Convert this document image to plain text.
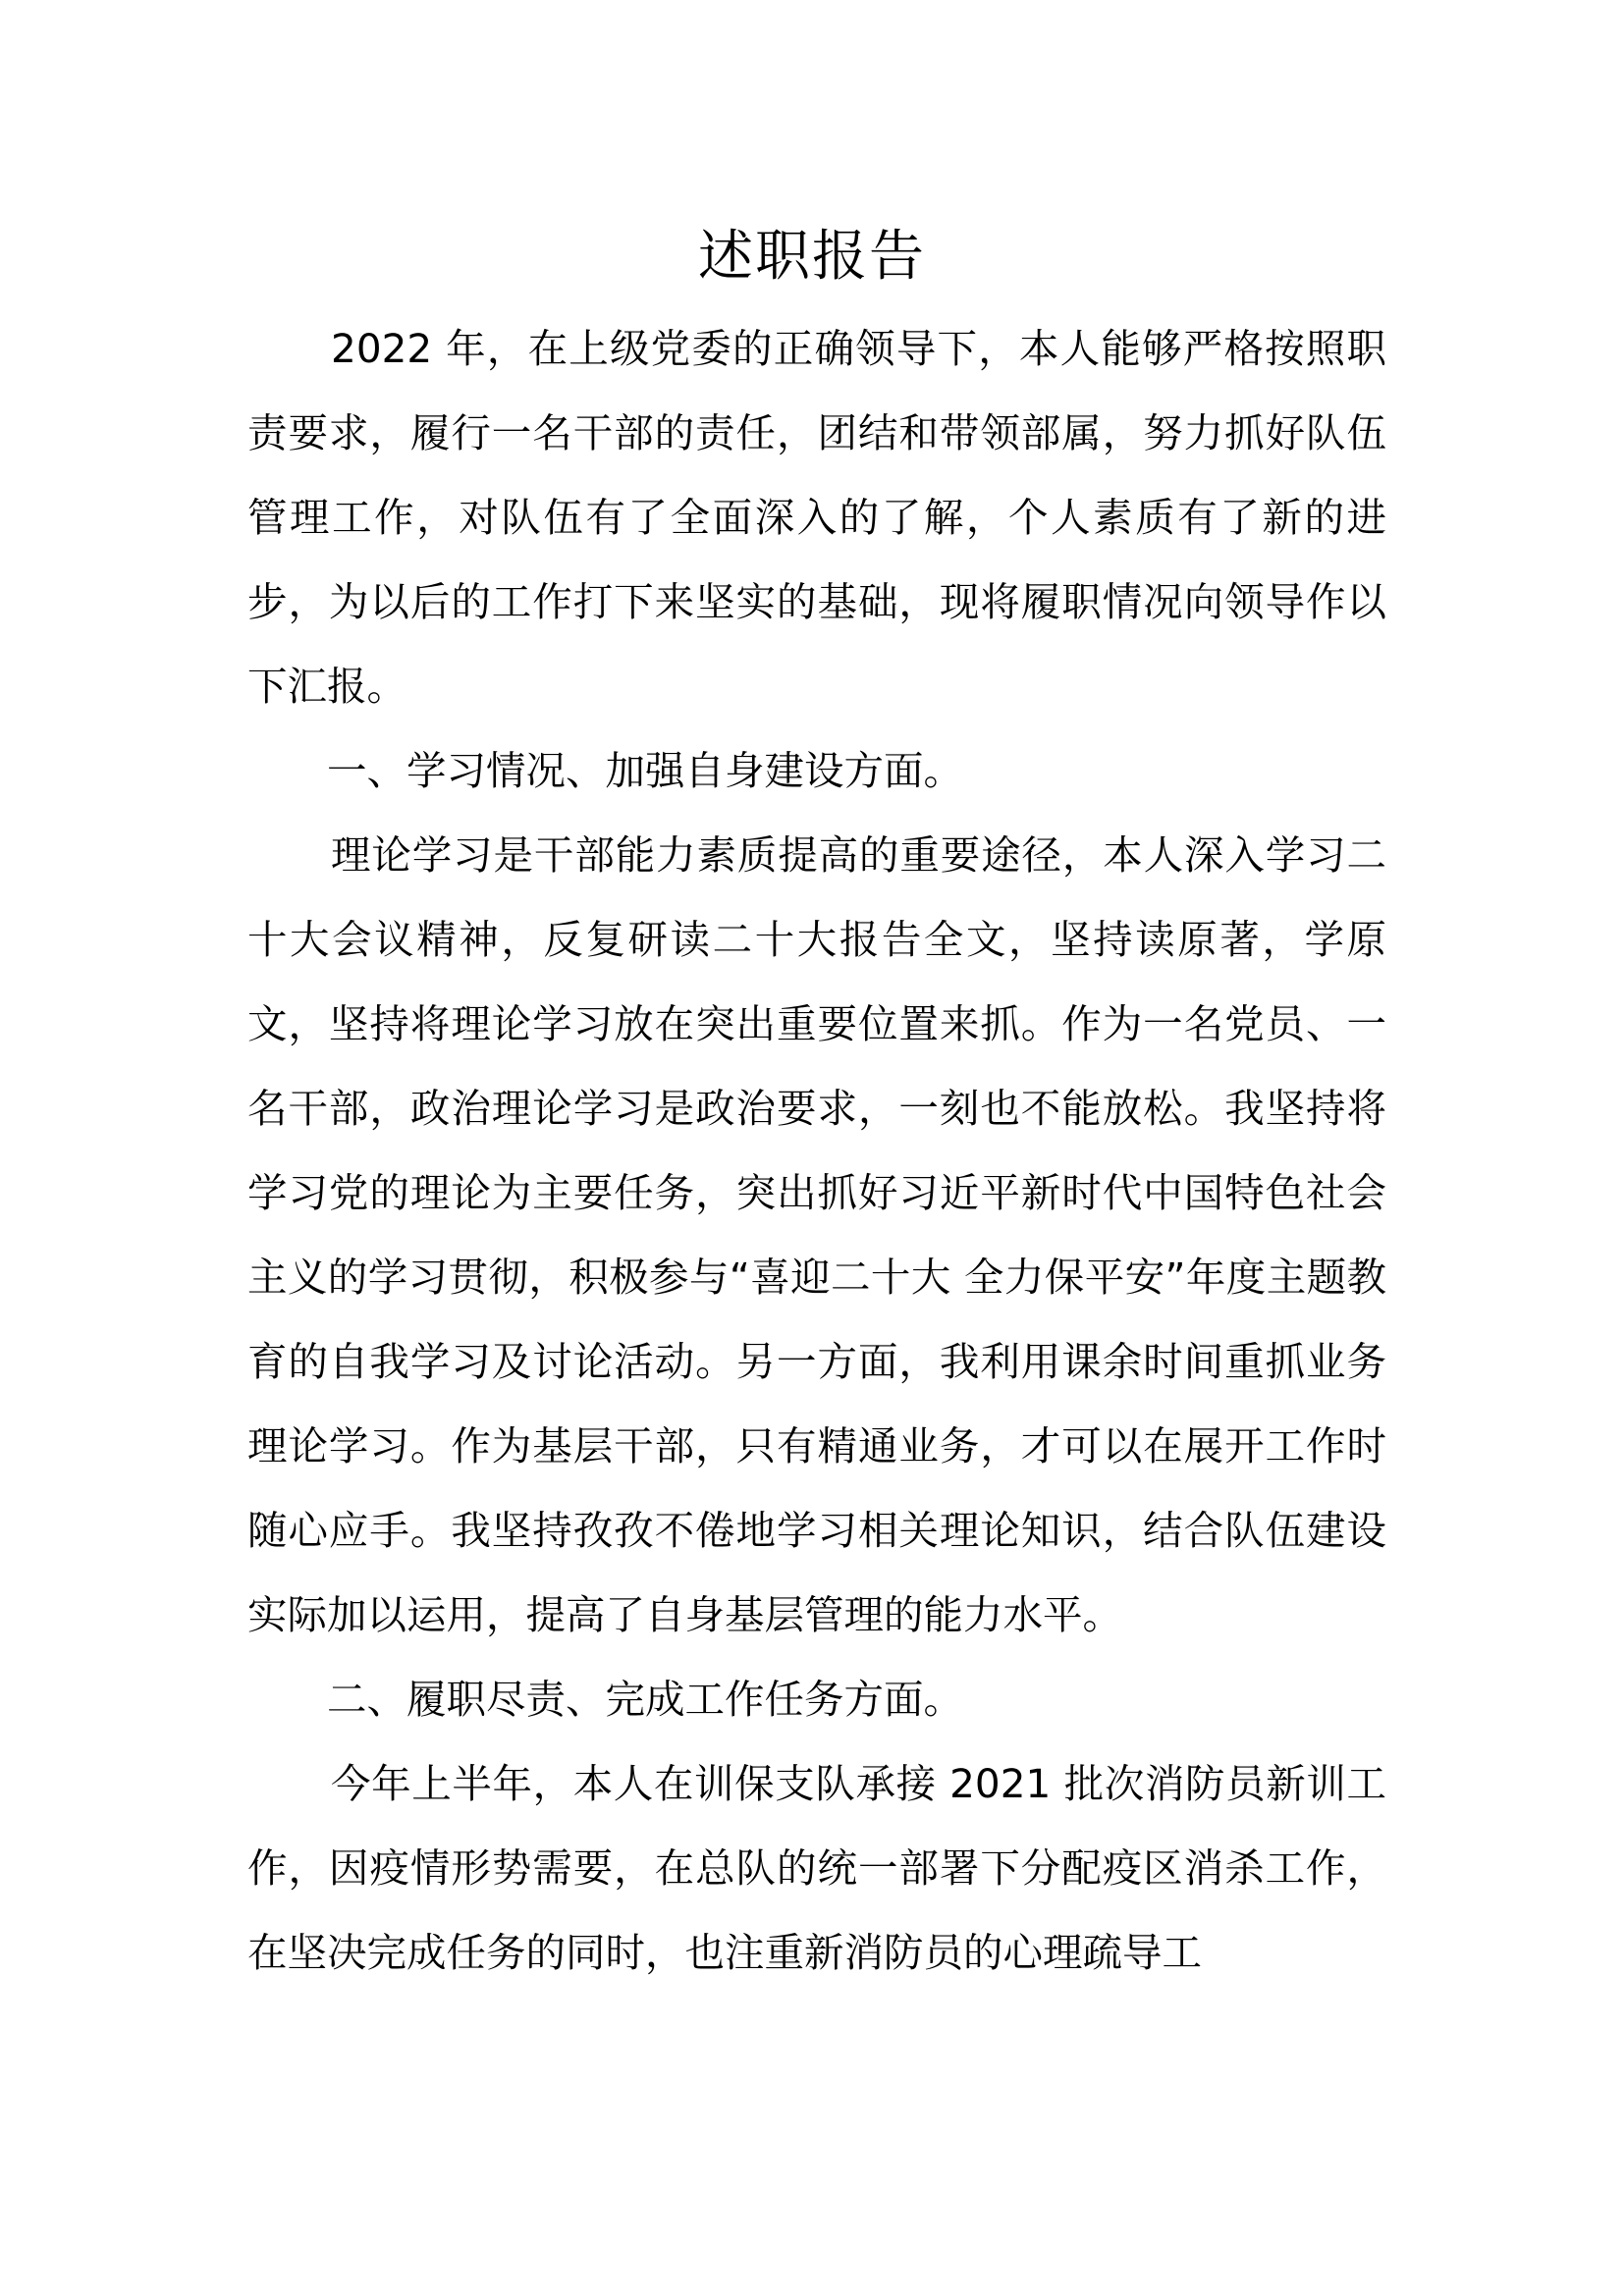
述职报告

2022 年，在上级党委的正确领导下，本人能够严格按照职责要求，履行一名干部的责任，团结和带领部属，努力抓好队伍管理工作，对队伍有了全面深入的了解，个人素质有了新的进步，为以后的工作打下来坚实的基础，现将履职情况向领导作以下汇报。

一、学习情况、加强自身建设方面。

理论学习是干部能力素质提高的重要途径，本人深入学习二十大会议精神，反复研读二十大报告全文，坚持读原著，学原文，坚持将理论学习放在突出重要位置来抓。作为一名党员、一名干部，政治理论学习是政治要求，一刻也不能放松。我坚持将学习党的理论为主要任务，突出抓好习近平新时代中国特色社会主义的学习贯彻，积极参与“喜迎二十大 全力保平安”年度主题教育的自我学习及讨论活动。另一方面，我利用课余时间重抓业务理论学习。作为基层干部，只有精通业务，才可以在展开工作时随心应手。我坚持孜孜不倦地学习相关理论知识，结合队伍建设实际加以运用，提高了自身基层管理的能力水平。

二、履职尽责、完成工作任务方面。

今年上半年，本人在训保支队承接 2021 批次消防员新训工作，因疫情形势需要，在总队的统一部署下分配疫区消杀工作，在坚决完成任务的同时，也注重新消防员的心理疏导工
